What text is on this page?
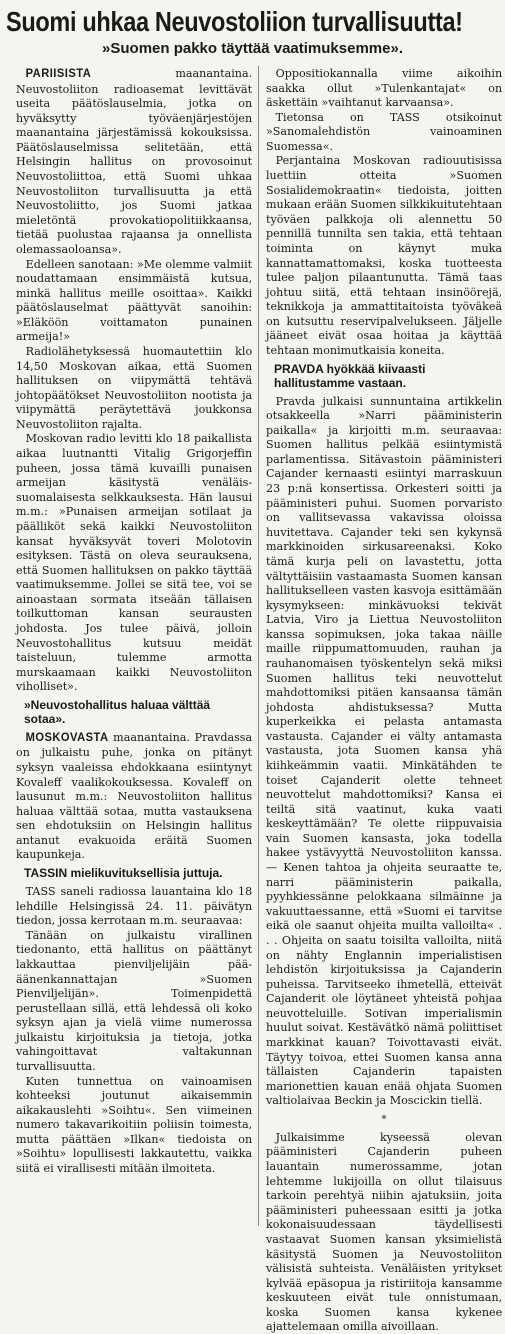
Suomi uhkaa Neuvostoliion turvallisuutta!
»Suomen pakko täyttää vaatimuksemme».

PARIISISTA	maanantaina. Neuvostoliiton radioasemat levittävät useita päätöslauselmia, jotka on hyväksytty työväenjärjestöjen maanantaina järjestämissä kokouksissa. Päätöslauselmissa selitetään, että Helsingin hallitus on provosoinut Neuvostoliittoa, että Suomi uhkaa Neuvostoliiton turvallisuutta ja että Neuvostoliitto, jos Suomi jatkaa mieletöntä provokatiopolitiikkaansa, tietää puolustaa rajaansa ja onnellista olemassaoloansa».

Edelleen sanotaan: »Me olemme valmiit noudattamaan ensimmäistä kutsua, minkä hallitus meille osoittaa». Kaikki päätöslauselmat päättyvät sanoihin: »Eläköön voittamaton punainen armeija!»

Radiolähetyksessä huomautettiin klo 14,50 Moskovan aikaa, että Suomen hallituksen on viipymättä tehtävä johtopäätökset Neuvostoliiton nootista ja viipymättä peräytettävä joukkonsa Neuvostoliiton rajalta.

Moskovan radio levitti klo 18 paikallista aikaa luutnantti Vitalig Grigorjeffin puheen, jossa tämä kuvailli punaisen armeijan käsitystä venäläis-suomalaisesta selkkauksesta. Hän lausui m.m.: »Punaisen armeijan sotilaat ja päälliköt sekä kaikki Neuvostoliiton kansat hyväksyvät toveri Molotovin esityksen. Tästä on oleva seurauksena, että Suomen hallituksen on pakko täyttää vaatimuksemme. Jollei se sitä tee, voi se ainoastaan sormata itseään tällaisen toilkuttoman kansan seurausten johdosta. Jos tulee päivä, jolloin Neuvostohallitus kutsuu meidät taisteluun, tulemme armotta murskaamaan kaikki Neuvostoliiton viholliset».

»Neuvostohallitus haluaa välttää sotaa».

MOSKOVASTA maanantaina. Pravdassa on julkaistu puhe, jonka on pitänyt syksyn vaaleissa ehdokkaana esiintynyt Kovaleff vaalikokouksessa. Kovaleff on lausunut m.m.: Neuvostoliiton hallitus haluaa välttää sotaa, mutta vastauksena sen ehdotuksiin on Helsingin hallitus antanut evakuoida eräitä Suomen kaupunkeja.

TASSIN mielikuvituksellisia juttuja.

TASS saneli radiossa lauantaina klo 18 lehdille Helsingissä 24. 11. päivätyn tiedon, jossa kerrotaan m.m. seuraavaa:

Tänään on julkaistu virallinen tiedonanto, että hallitus on päättänyt lakkauttaa pienviljelijäin pää-äänenkannattajan »Suomen Pienviljelijän». Toimenpidettä perustellaan sillä, että lehdessä oli koko syksyn ajan ja vielä viime numerossa julkaistu kirjoituksia ja tietoja, jotka vahingoittavat valtakunnan turvallisuutta.

Kuten tunnettua on vainoamisen kohteeksi joutunut aikaisemmin aikakauslehti »Soihtu«. Sen viimeinen numero takavarikoitiin poliisin toimesta, mutta päättäen »Ilkan« tiedoista on »Soihtu» lopullisesti lakkautettu, vaikka siitä ei virallisesti mitään ilmoiteta.

Oppositiokannalla viime aikoihin saakka ollut »Tulenkantajat« on äskettäin »vaihtanut karvaansa».

Tietonsa on TASS otsikoinut »Sanomalehdistön vainoaminen Suomessa«.

Perjantaina Moskovan radiouutisissa luettiin otteita »Suomen Sosialidemokraatin« tiedoista, joitten mukaan erään Suomen silkkikuitutehtaan työväen palkkoja oli alennettu 50 pennillä tunnilta sen takia, että tehtaan toiminta on käynyt muka kannattamattomaksi, koska tuotteesta tulee paljon pilaantunutta. Tämä taas johtuu siitä, että tehtaan insinöörejä, teknikkoja ja ammattitaitoista työväkeä on kutsuttu reservipalvelukseen. Jäljelle jääneet eivät osaa hoitaa ja käyttää tehtaan monimutkaisia koneita.

PRAVDA hyökkää kiivaasti hallitustamme vastaan.

Pravda julkaisi sunnuntaina artikkelin otsakkeella »Narri pääministerin paikalla« ja kirjoitti m.m. seuraavaa: Suomen hallitus pelkää esiintymistä parlamentissa. Sitävastoin pääministeri Cajander kernaasti esiintyi marraskuun 23 p:nä konsertissa. Orkesteri soitti ja pääministeri puhui. Suomen porvaristo on vallitsevassa vakavissa oloissa huvitettava. Cajander teki sen kykynsä markkinoiden sirkusareenaksi. Koko tämä kurja peli on lavastettu, jotta vältyttäisiin vastaamasta Suomen kansan hallitukselleen vasten kasvoja esittämään kysymykseen: minkävuoksi tekivät Latvia, Viro ja Liettua Neuvostoliiton kanssa sopimuksen, joka takaa näille maille riippumattomuuden, rauhan ja rauhanomaisen työskentelyn sekä miksi Suomen hallitus teki neuvottelut mahdottomiksi pitäen kansaansa tämän johdosta ahdistuksessa? Mutta kuperkeikka ei pelasta antamasta vastausta. Cajander ei välty antamasta vastausta, jota Suomen kansa yhä kiihkeämmin vaatii. Minkätähden te toiset Cajanderit olette tehneet neuvottelut mahdottomiksi? Kansa ei teiltä sitä vaatinut, kuka vaati keskeyttämään? Te olette riippuvaisia vain Suomen kansasta, joka todella hakee ystävyyttä Neuvostoliiton kanssa. — Kenen tahtoa ja ohjeita seuraatte te, narri pääministerin paikalla, pyyhkiessänne pelokkaana silmäinne ja vakuuttaessanne, että »Suomi ei tarvitse eikä ole saanut ohjeita muilta valloilta« . . . Ohjeita on saatu toisilta valloilta, niitä on nähty Englannin imperialistisen lehdistön kirjoituksissa ja Cajanderin puheissa. Tarvitseeko ihmetellä, etteivät Cajanderit ole löytäneet yhteistä pohjaa neuvotteluille. Sotivan imperialismin huulut soivat. Kestävätkö nämä poliittiset markkinat kauan? Toivottavasti eivät. Täytyy toivoa, ettei Suomen kansa anna tällaisten Cajanderin tapaisten marionettien kauan enää ohjata Suomen valtiolaivaa Beckin ja Moscickin tiellä.

*

Julkaisimme kyseessä olevan pääministeri Cajanderin puheen lauantain numerossamme, jotan lehtemme lukijoilla on ollut tilaisuus tarkoin perehtyä niihin ajatuksiin, joita pääministeri puheessaan esitti ja jotka kokonaisuudessaan täydellisesti vastaavat Suomen kansan yksimielistä käsitystä Suomen ja Neuvostoliiton välisistä suhteista. Venäläisten yritykset kylvää epäsopua ja ristiriitoja kansamme keskuuteen eivät tule onnistumaan, koska Suomen kansa kykenee ajattelemaan omilla aivoillaan.
